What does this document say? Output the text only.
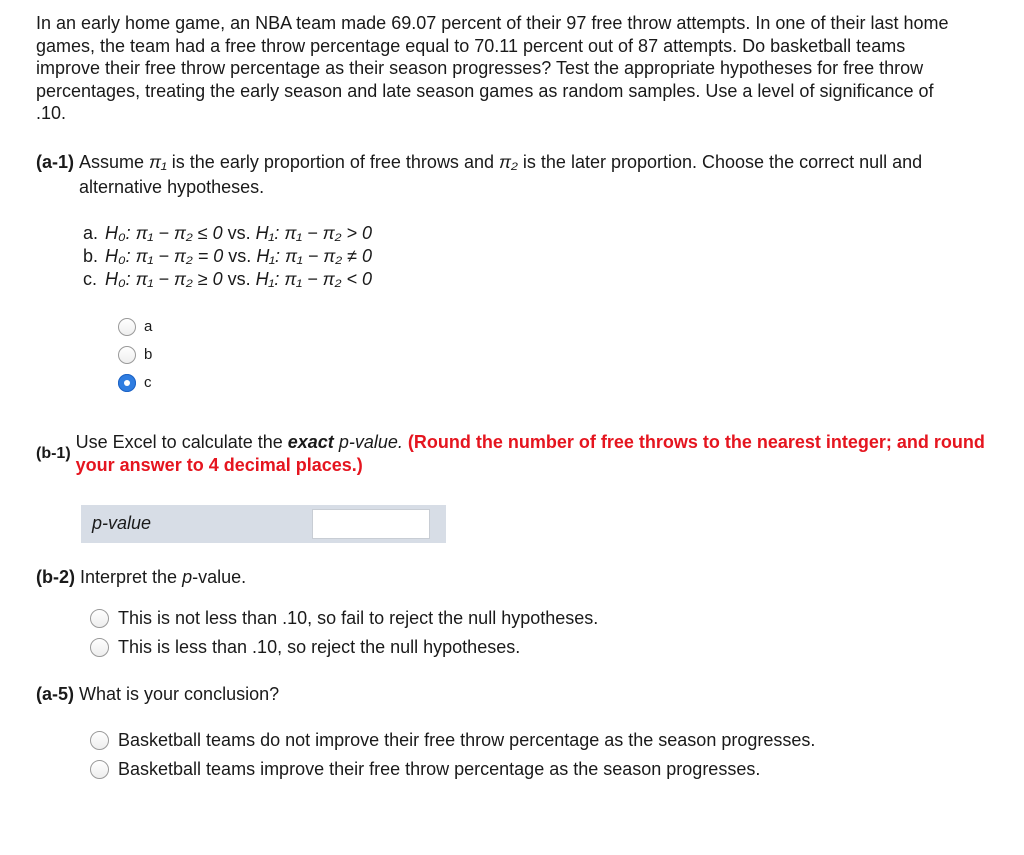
In an early home game, an NBA team made 69.07 percent of their 97 free throw attempts. In one of their last home games, the team had a free throw percentage equal to 70.11 percent out of 87 attempts. Do basketball teams improve their free throw percentage as their season progresses? Test the appropriate hypotheses for free throw percentages, treating the early season and late season games as random samples. Use a level of significance of .10.

(a-1) Assume π₁ is the early proportion of free throws and π₂ is the later proportion. Choose the correct null and alternative hypotheses.
a. H₀: π₁ − π₂ ≤ 0 vs. H₁: π₁ − π₂ > 0
b. H₀: π₁ − π₂ = 0 vs. H₁: π₁ − π₂ ≠ 0
c. H₀: π₁ − π₂ ≥ 0 vs. H₁: π₁ − π₂ < 0
a
b
c
(b-1)
Use Excel to calculate the exact p-value. (Round the number of free throws to the nearest integer; and round your answer to 4 decimal places.)
p-value
(b-2) Interpret the p-value.
This is not less than .10, so fail to reject the null hypotheses.
This is less than .10, so reject the null hypotheses.
(a-5) What is your conclusion?
Basketball teams do not improve their free throw percentage as the season progresses.
Basketball teams improve their free throw percentage as the season progresses.
